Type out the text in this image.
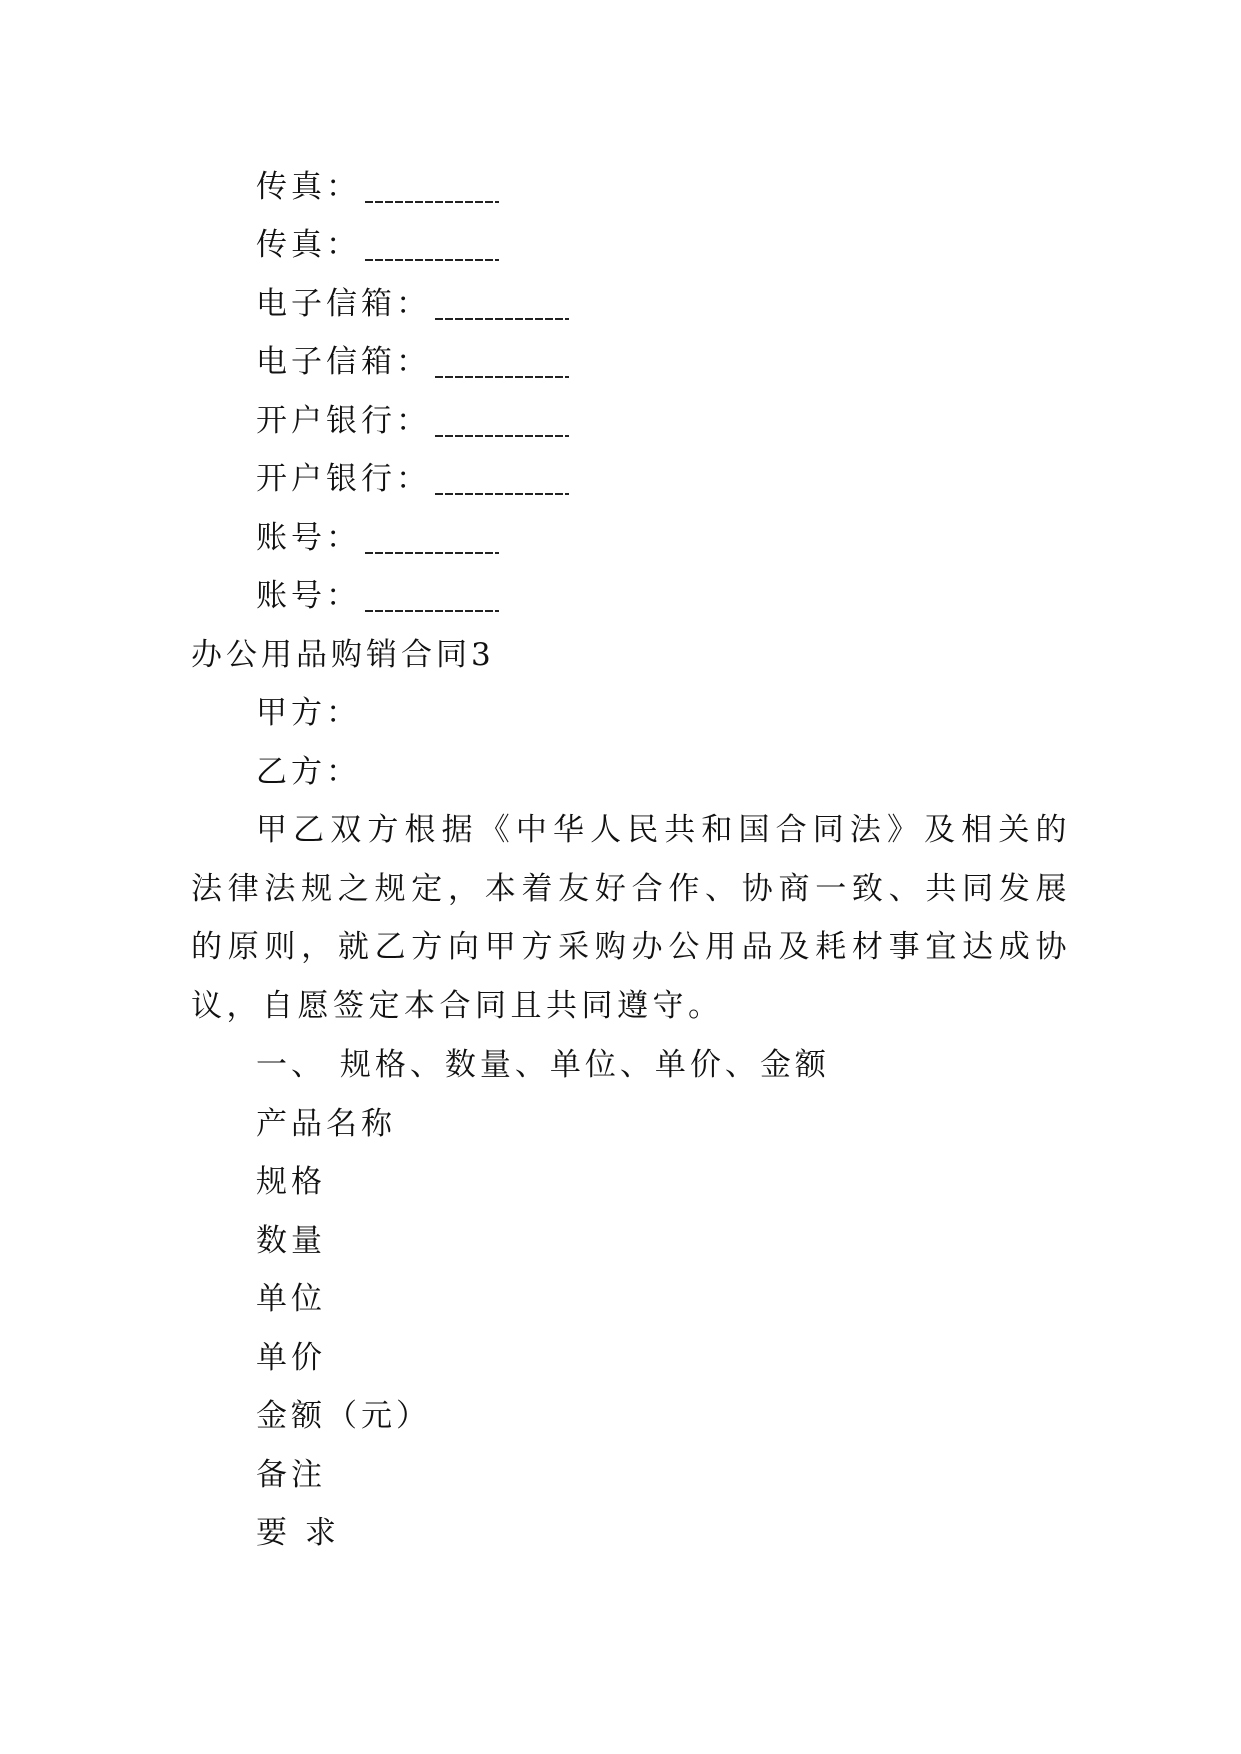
传真：
传真：
电子信箱：
电子信箱：
开户银行：
开户银行：
账号：
账号：
办公用品购销合同3
甲方：
乙方：
甲乙双方根据《中华人民共和国合同法》及相关的法律法规之规定，本着友好合作、协商一致、共同发展的原则，就乙方向甲方采购办公用品及耗材事宜达成协议，自愿签定本合同且共同遵守。
一、 规格、数量、单位、单价、金额
产品名称
规格
数量
单位
单价
金额（元）
备注
要 求
